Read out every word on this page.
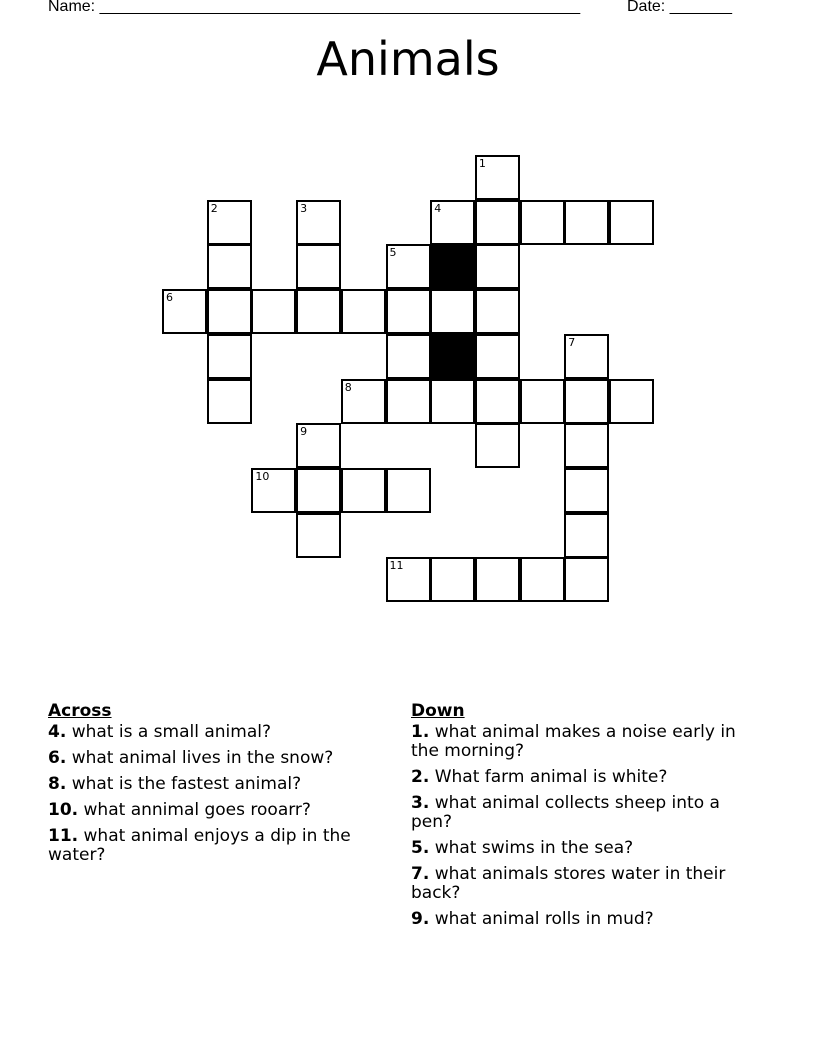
Name: ______________________________________________________	Date: _______
Animals
1
2	3	4
5
6
7
8
9
10
11
Across
4. what is a small animal?
6. what animal lives in the snow?
8. what is the fastest animal?
10. what annimal goes rooarr?
11. what animal enjoys a dip in the water?
Down
1. what animal makes a noise early in the morning?
2. What farm animal is white?
3. what animal collects sheep into a pen?
5. what swims in the sea?
7. what animals stores water in their back?
9. what animal rolls in mud?
